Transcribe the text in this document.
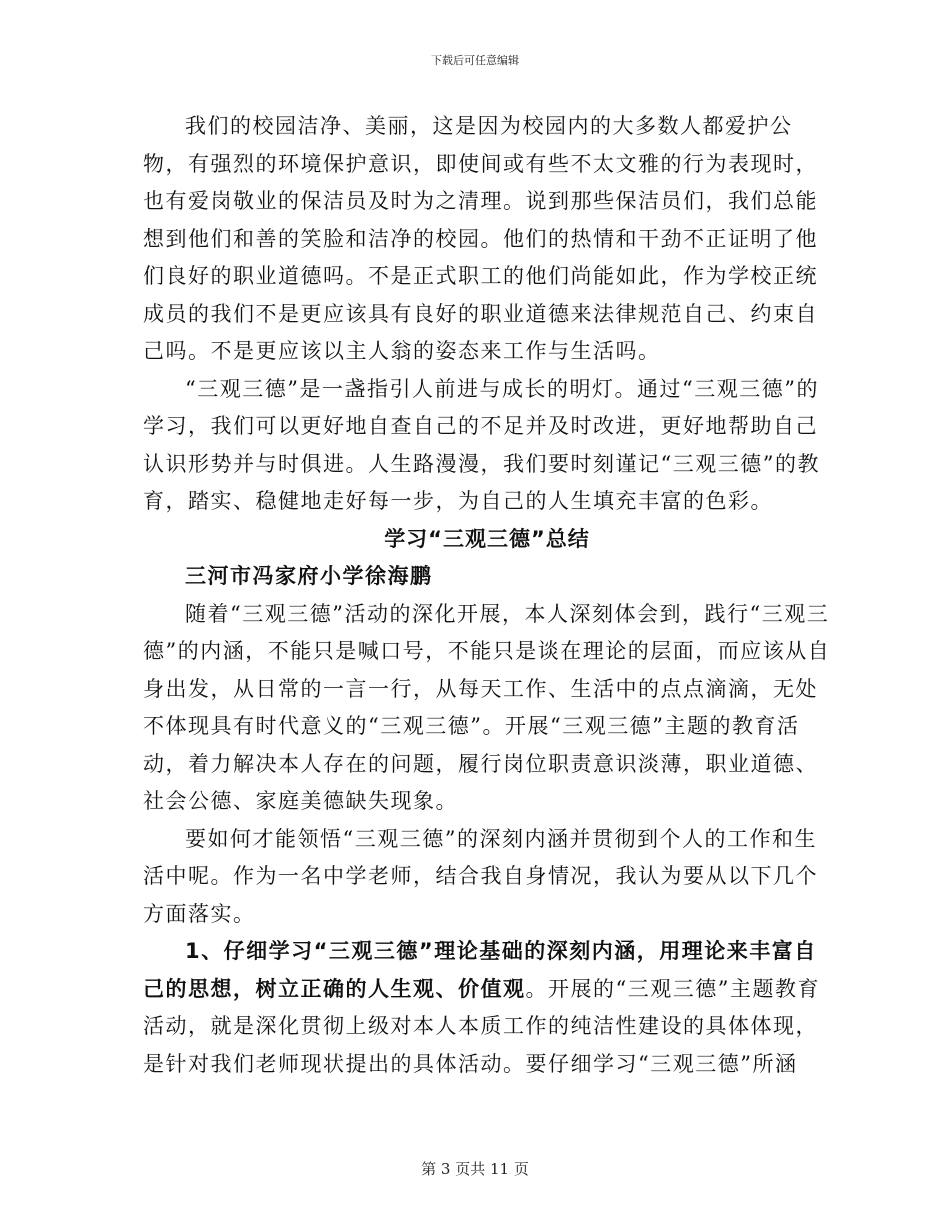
下载后可任意编辑

我们的校园洁净、美丽，这是因为校园内的大多数人都爱护公物，有强烈的环境保护意识，即使间或有些不太文雅的行为表现时，也有爱岗敬业的保洁员及时为之清理。说到那些保洁员们，我们总能想到他们和善的笑脸和洁净的校园。他们的热情和干劲不正证明了他们良好的职业道德吗。不是正式职工的他们尚能如此，作为学校正统成员的我们不是更应该具有良好的职业道德来法律规范自己、约束自己吗。不是更应该以主人翁的姿态来工作与生活吗。

“三观三德”是一盏指引人前进与成长的明灯。通过“三观三德”的学习，我们可以更好地自查自己的不足并及时改进，更好地帮助自己认识形势并与时俱进。人生路漫漫，我们要时刻谨记“三观三德”的教育，踏实、稳健地走好每一步，为自己的人生填充丰富的色彩。

学习“三观三德”总结

三河市冯家府小学徐海鹏

随着“三观三德”活动的深化开展，本人深刻体会到，践行“三观三德”的内涵，不能只是喊口号，不能只是谈在理论的层面，而应该从自身出发，从日常的一言一行，从每天工作、生活中的点点滴滴，无处不体现具有时代意义的“三观三德”。开展“三观三德”主题的教育活动，着力解决本人存在的问题，履行岗位职责意识淡薄，职业道德、社会公德、家庭美德缺失现象。

要如何才能领悟“三观三德”的深刻内涵并贯彻到个人的工作和生活中呢。作为一名中学老师，结合我自身情况，我认为要从以下几个方面落实。

1、仔细学习“三观三德”理论基础的深刻内涵，用理论来丰富自己的思想，树立正确的人生观、价值观。开展的“三观三德”主题教育活动，就是深化贯彻上级对本人本质工作的纯洁性建设的具体体现，是针对我们老师现状提出的具体活动。要仔细学习“三观三德”所涵

第 3 页共 11 页
